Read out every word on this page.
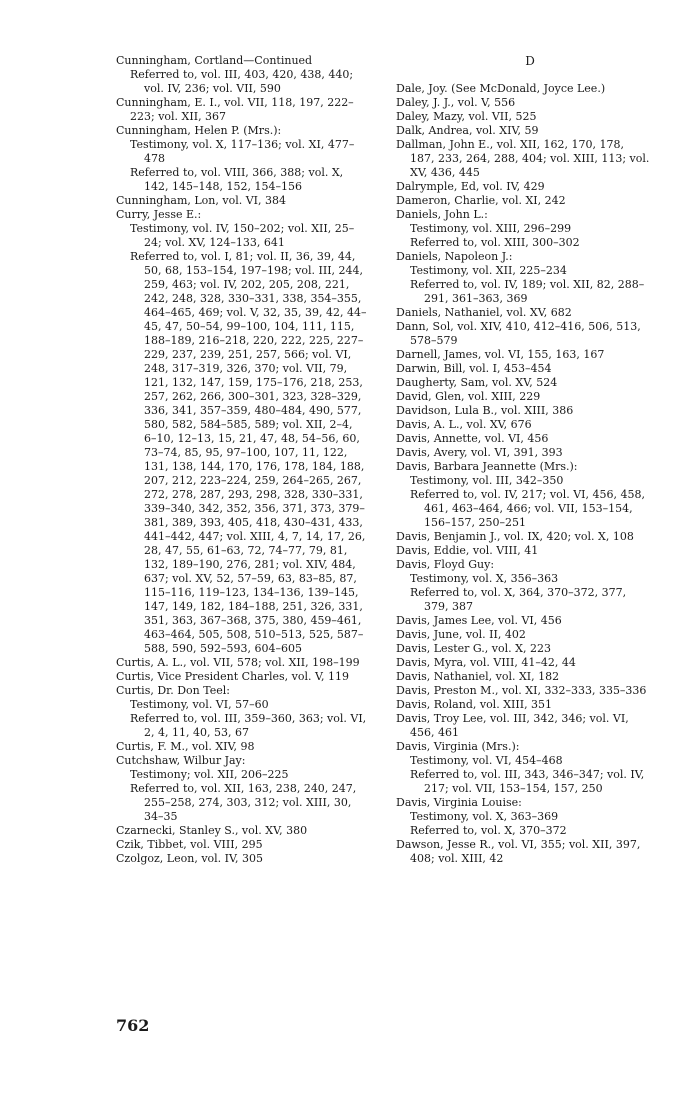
Cunningham, Cortland—Continued

Referred to, vol. III, 403, 420, 438, 440; vol. IV, 236; vol. VII, 590

Cunningham, E. I., vol. VII, 118, 197, 222–223; vol. XII, 367

Cunningham, Helen P. (Mrs.):

Testimony, vol. X, 117–136; vol. XI, 477–478

Referred to, vol. VIII, 366, 388; vol. X, 142, 145–148, 152, 154–156

Cunningham, Lon, vol. VI, 384

Curry, Jesse E.:

Testimony, vol. IV, 150–202; vol. XII, 25–24; vol. XV, 124–133, 641

Referred to, vol. I, 81; vol. II, 36, 39, 44, 50, 68, 153–154, 197–198; vol. III, 244, 259, 463; vol. IV, 202, 205, 208, 221, 242, 248, 328, 330–331, 338, 354–355, 464–465, 469; vol. V, 32, 35, 39, 42, 44–45, 47, 50–54, 99–100, 104, 111, 115, 188–189, 216–218, 220, 222, 225, 227–229, 237, 239, 251, 257, 566; vol. VI, 248, 317–319, 326, 370; vol. VII, 79, 121, 132, 147, 159, 175–176, 218, 253, 257, 262, 266, 300–301, 323, 328–329, 336, 341, 357–359, 480–484, 490, 577, 580, 582, 584–585, 589; vol. XII, 2–4, 6–10, 12–13, 15, 21, 47, 48, 54–56, 60, 73–74, 85, 95, 97–100, 107, 11, 122, 131, 138, 144, 170, 176, 178, 184, 188, 207, 212, 223–224, 259, 264–265, 267, 272, 278, 287, 293, 298, 328, 330–331, 339–340, 342, 352, 356, 371, 373, 379–381, 389, 393, 405, 418, 430–431, 433, 441–442, 447; vol. XIII, 4, 7, 14, 17, 26, 28, 47, 55, 61–63, 72, 74–77, 79, 81, 132, 189–190, 276, 281; vol. XIV, 484, 637; vol. XV, 52, 57–59, 63, 83–85, 87, 115–116, 119–123, 134–136, 139–145, 147, 149, 182, 184–188, 251, 326, 331, 351, 363, 367–368, 375, 380, 459–461, 463–464, 505, 508, 510–513, 525, 587–588, 590, 592–593, 604–605

Curtis, A. L., vol. VII, 578; vol. XII, 198–199

Curtis, Vice President Charles, vol. V, 119

Curtis, Dr. Don Teel:

Testimony, vol. VI, 57–60

Referred to, vol. III, 359–360, 363; vol. VI, 2, 4, 11, 40, 53, 67

Curtis, F. M., vol. XIV, 98

Cutchshaw, Wilbur Jay:

Testimony; vol. XII, 206–225

Referred to, vol. XII, 163, 238, 240, 247, 255–258, 274, 303, 312; vol. XIII, 30, 34–35

Czarnecki, Stanley S., vol. XV, 380

Czik, Tibbet, vol. VIII, 295

Czolgoz, Leon, vol. IV, 305

D

Dale, Joy. (See McDonald, Joyce Lee.)

Daley, J. J., vol. V, 556

Daley, Mazy, vol. VII, 525

Dalk, Andrea, vol. XIV, 59

Dallman, John E., vol. XII, 162, 170, 178, 187, 233, 264, 288, 404; vol. XIII, 113; vol. XV, 436, 445

Dalrymple, Ed, vol. IV, 429

Dameron, Charlie, vol. XI, 242

Daniels, John L.:

Testimony, vol. XIII, 296–299

Referred to, vol. XIII, 300–302

Daniels, Napoleon J.:

Testimony, vol. XII, 225–234

Referred to, vol. IV, 189; vol. XII, 82, 288–291, 361–363, 369

Daniels, Nathaniel, vol. XV, 682

Dann, Sol, vol. XIV, 410, 412–416, 506, 513, 578–579

Darnell, James, vol. VI, 155, 163, 167

Darwin, Bill, vol. I, 453–454

Daugherty, Sam, vol. XV, 524

David, Glen, vol. XIII, 229

Davidson, Lula B., vol. XIII, 386

Davis, A. L., vol. XV, 676

Davis, Annette, vol. VI, 456

Davis, Avery, vol. VI, 391, 393

Davis, Barbara Jeannette (Mrs.):

Testimony, vol. III, 342–350

Referred to, vol. IV, 217; vol. VI, 456, 458, 461, 463–464, 466; vol. VII, 153–154, 156–157, 250–251

Davis, Benjamin J., vol. IX, 420; vol. X, 108

Davis, Eddie, vol. VIII, 41

Davis, Floyd Guy:

Testimony, vol. X, 356–363

Referred to, vol. X, 364, 370–372, 377, 379, 387

Davis, James Lee, vol. VI, 456

Davis, June, vol. II, 402

Davis, Lester G., vol. X, 223

Davis, Myra, vol. VIII, 41–42, 44

Davis, Nathaniel, vol. XI, 182

Davis, Preston M., vol. XI, 332–333, 335–336

Davis, Roland, vol. XIII, 351

Davis, Troy Lee, vol. III, 342, 346; vol. VI, 456, 461

Davis, Virginia (Mrs.):

Testimony, vol. VI, 454–468

Referred to, vol. III, 343, 346–347; vol. IV, 217; vol. VII, 153–154, 157, 250

Davis, Virginia Louise:

Testimony, vol. X, 363–369

Referred to, vol. X, 370–372

Dawson, Jesse R., vol. VI, 355; vol. XII, 397, 408; vol. XIII, 42

762
